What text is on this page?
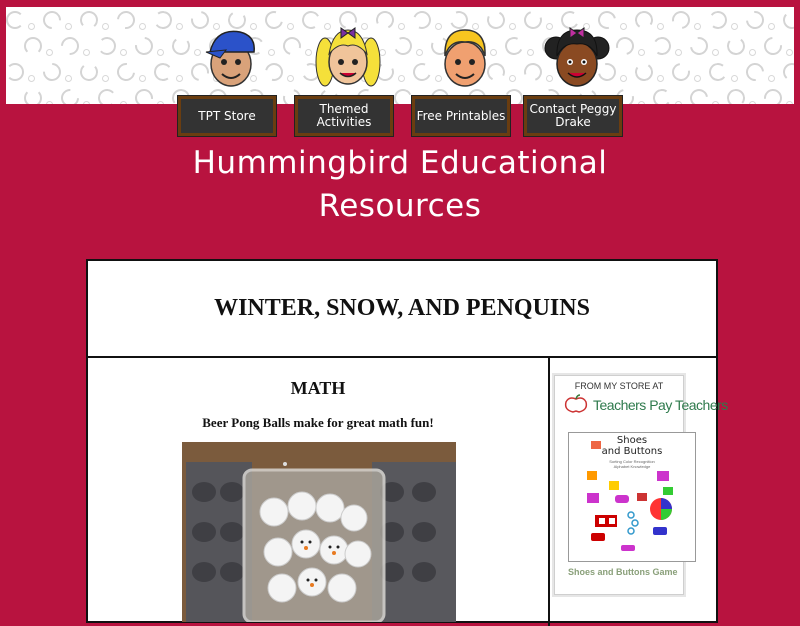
TPT Store	Themed Activities	Free Printables	Contact Peggy Drake
Hummingbird Educational Resources
WINTER, SNOW, AND PENQUINS
MATH
Beer Pong Balls make for great math fun!
FROM MY STORE AT
Teachers Pay Teachers
Shoes
and Buttons
Sorting Color Recognition Alphabet Knowledge
Shoes and Buttons Game
